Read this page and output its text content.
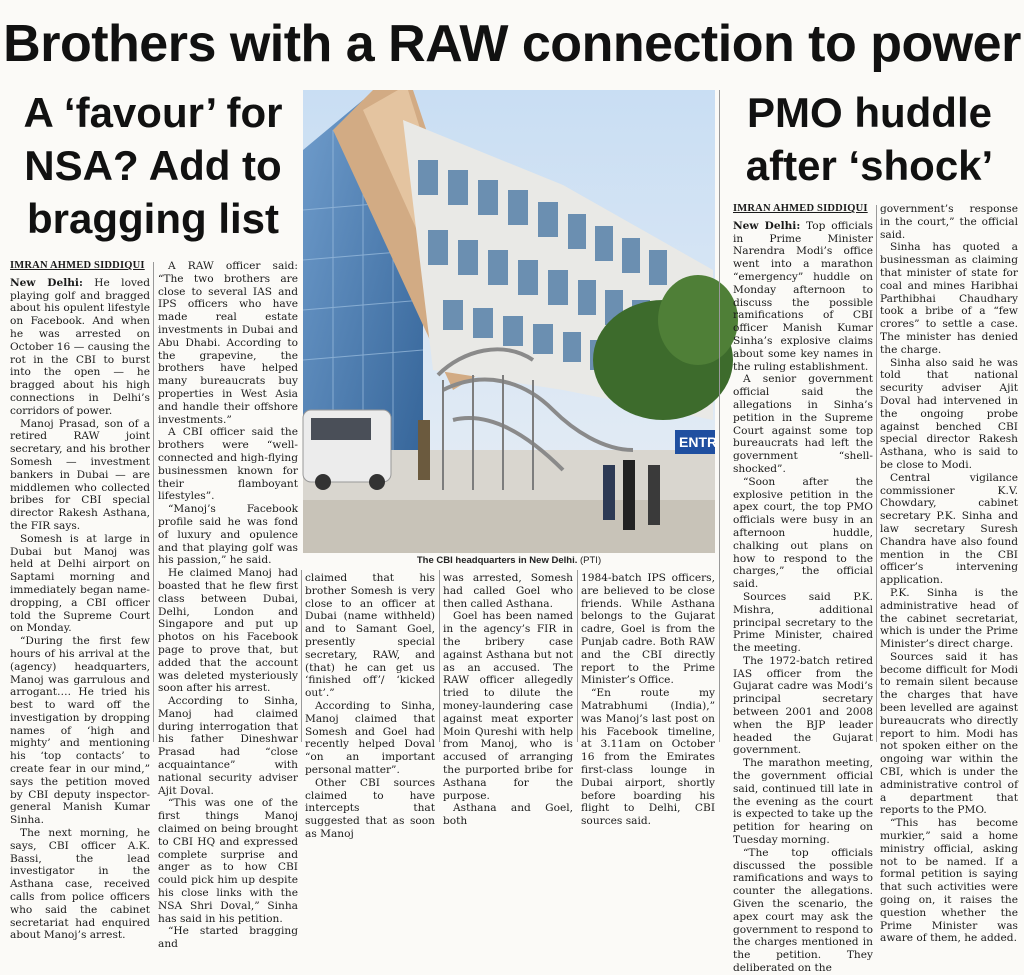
Brothers with a RAW connection to power
A ‘favour’ for NSA? Add to bragging list
IMRAN AHMED SIDDIQUI

New Delhi: He loved playing golf and bragged about his opulent lifestyle on Facebook. And when he was arrested on October 16 — causing the rot in the CBI to burst into the open — he bragged about his high connections in Delhi’s corridors of power.

Manoj Prasad, son of a retired RAW joint secretary, and his brother Somesh — investment bankers in Dubai — are middlemen who collected bribes for CBI special director Rakesh Asthana, the FIR says.

Somesh is at large in Dubai but Manoj was held at Delhi airport on Saptami morning and immediately began name-dropping, a CBI officer told the Supreme Court on Monday.

“During the first few hours of his arrival at the (agency) headquarters, Manoj was garrulous and arrogant…. He tried his best to ward off the investigation by dropping names of ‘high and mighty’ and mentioning his ‘top contacts’ to create fear in our mind,” says the petition moved by CBI deputy inspector-general Manish Kumar Sinha.

The next morning, he says, CBI officer A.K. Bassi, the lead investigator in the Asthana case, received calls from police officers who said the cabinet secretariat had enquired about Manoj’s arrest.

A RAW officer said: “The two brothers are close to several IAS and IPS officers who have made real estate investments in Dubai and Abu Dhabi. According to the grapevine, the brothers have helped many bureaucrats buy properties in West Asia and handle their offshore investments.”

A CBI officer said the brothers were “well-connected and high-flying businessmen known for their flamboyant lifestyles”.

“Manoj’s Facebook profile said he was fond of luxury and opulence and that playing golf was his passion,” he said.

He claimed Manoj had boasted that he flew first class between Dubai, Delhi, London and Singapore and put up photos on his Facebook page to prove that, but added that the account was deleted mysteriously soon after his arrest.

According to Sinha, Manoj had claimed during interrogation that his father Dineshwar Prasad had “close acquaintance” with national security adviser Ajit Doval.

“This was one of the first things Manoj claimed on being brought to CBI HQ and expressed complete surprise and anger as to how CBI could pick him up despite his close links with the NSA Shri Doval,” Sinha has said in his petition.

“He started bragging and

ENTR
The CBI headquarters in New Delhi. (PTI)

claimed that his brother Somesh is very close to an officer at Dubai (name withheld) and to Samant Goel, presently special secretary, RAW, and (that) he can get us ‘finished off’/ ‘kicked out’.”

According to Sinha, Manoj claimed that Somesh and Goel had recently helped Doval “on an important personal matter”.

Other CBI sources claimed to have intercepts that suggested that as soon as Manoj

was arrested, Somesh had called Goel who then called Asthana.

Goel has been named in the agency’s FIR in the bribery case against Asthana but not as an accused. The RAW officer allegedly tried to dilute the money-laundering case against meat exporter Moin Qureshi with help from Manoj, who is accused of arranging the purported bribe for Asthana for the purpose.

Asthana and Goel, both

1984-batch IPS officers, are believed to be close friends. While Asthana belongs to the Gujarat cadre, Goel is from the Punjab cadre. Both RAW and the CBI directly report to the Prime Minister’s Office.

“En route my Matrabhumi (India),” was Manoj’s last post on his Facebook timeline, at 3.11am on October 16 from the Emirates first-class lounge in Dubai airport, shortly before boarding his flight to Delhi, CBI sources said.

PMO huddle after ‘shock’
IMRAN AHMED SIDDIQUI

New Delhi: Top officials in Prime Minister Narendra Modi’s office went into a marathon “emergency” huddle on Monday afternoon to discuss the possible ramifications of CBI officer Manish Kumar Sinha’s explosive claims about some key names in the ruling establishment.

A senior government official said the allegations in Sinha’s petition in the Supreme Court against some top bureaucrats had left the government “shell-shocked”.

“Soon after the explosive petition in the apex court, the top PMO officials were busy in an afternoon huddle, chalking out plans on how to respond to the charges,” the official said.

Sources said P.K. Mishra, additional principal secretary to the Prime Minister, chaired the meeting.

The 1972-batch retired IAS officer from the Gujarat cadre was Modi’s principal secretary between 2001 and 2008 when the BJP leader headed the Gujarat government.

The marathon meeting, the government official said, continued till late in the evening as the court is expected to take up the petition for hearing on Tuesday morning.

“The top officials discussed the possible ramifications and ways to counter the allegations. Given the scenario, the apex court may ask the government to respond to the charges mentioned in the petition. They deliberated on the

government’s response in the court,” the official said.

Sinha has quoted a businessman as claiming that minister of state for coal and mines Haribhai Parthibhai Chaudhary took a bribe of a “few crores” to settle a case. The minister has denied the charge.

Sinha also said he was told that national security adviser Ajit Doval had intervened in the ongoing probe against benched CBI special director Rakesh Asthana, who is said to be close to Modi.

Central vigilance commissioner K.V. Chowdary, cabinet secretary P.K. Sinha and law secretary Suresh Chandra have also found mention in the CBI officer’s intervening application.

P.K. Sinha is the administrative head of the cabinet secretariat, which is under the Prime Minister’s direct charge.

Sources said it has become difficult for Modi to remain silent because the charges that have been levelled are against bureaucrats who directly report to him. Modi has not spoken either on the ongoing war within the CBI, which is under the administrative control of a department that reports to the PMO.

“This has become murkier,” said a home ministry official, asking not to be named. If a formal petition is saying that such activities were going on, it raises the question whether the Prime Minister was aware of them, he added.
